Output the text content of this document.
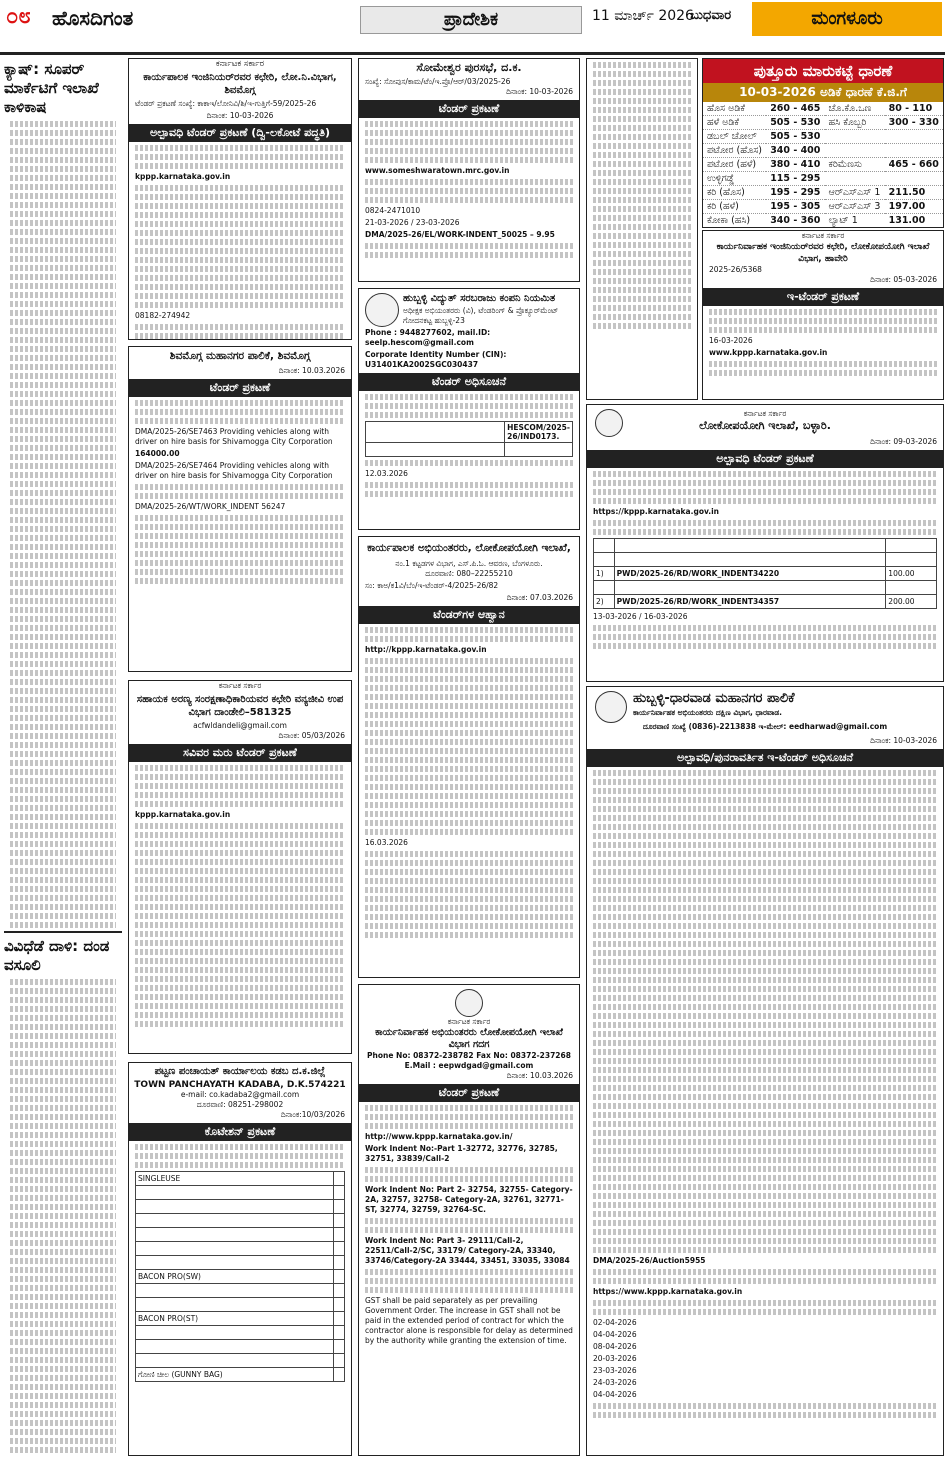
೦೮ ಹೊಸದಿಗಂತ	ಪ್ರಾದೇಶಿಕ	11 ಮಾರ್ಚ್ 2026
ಬುಧವಾರ	ಮಂಗಳೂರು
ಕ್ಯಾಷ್: ಸೂಪರ್ ಮಾರ್ಕೆಟಿಗೆ ಇಲಾಖೆ ಕಾಳಿಕಾಷ
ವಿವಿಧೆಡೆ ದಾಳಿ: ದಂಡ ವಸೂಲಿ
ಕರ್ನಾಟಕ ಸರ್ಕಾರ
ಕಾರ್ಯಪಾಲಕ ಇಂಜಿನಿಯರ್‌ರವರ ಕಛೇರಿ, ಲೋ.ನಿ.ವಿಭಾಗ, ಶಿವಮೊಗ್ಗ
ಟೆಂಡರ್ ಪ್ರಕಟಣೆ ಸಂಖ್ಯೆ: ಕಾಕಾಇ/ಲೋನಿವಿ/ಶಿ/ಇ-ಗುತ್ತಿಗೆ-59/2025-26
ದಿನಾಂಕ: 10-03-2026
ಅಲ್ಪಾವಧಿ ಟೆಂಡರ್ ಪ್ರಕಟಣೆ (ದ್ವಿ-ಲಕೋಟೆ ಪದ್ಧತಿ)
kppp.karnataka.gov.in
08182-274942
ಶಿವಮೊಗ್ಗ ಮಹಾನಗರ ಪಾಲಿಕೆ, ಶಿವಮೊಗ್ಗ
ದಿನಾಂಕ: 10.03.2026
ಟೆಂಡರ್ ಪ್ರಕಟಣೆ
DMA/2025-26/SE7463 Providing vehicles along with driver on hire basis for Shivamogga City Corporation
164000.00
DMA/2025-26/SE7464 Providing vehicles along with driver on hire basis for Shivamogga City Corporation
DMA/2025-26/WT/WORK_INDENT 56247
ಕರ್ನಾಟಕ ಸರ್ಕಾರ
ಸಹಾಯಕ ಅರಣ್ಯ ಸಂರಕ್ಷಣಾಧಿಕಾರಿಯವರ ಕಛೇರಿ ವನ್ಯಜೀವಿ ಉಪ ವಿಭಾಗ ದಾಂಡೇಲಿ–581325
acfwldandeli@gmail.com
ದಿನಾಂಕ: 05/03/2026
ಸವಿವರ ಮರು ಟೆಂಡರ್ ಪ್ರಕಟಣೆ
kppp.karnataka.gov.in
ಪಟ್ಟಣ ಪಂಚಾಯತ್ ಕಾರ್ಯಾಲಯ ಕಡಬ ದ.ಕ.ಜಿಲ್ಲೆ
TOWN PANCHAYATH KADABA, D.K.574221
e-mail: co.kadaba2@gmail.com
ದೂರವಾಣಿ: 08251-298002
ದಿನಾಂಕ:10/03/2026
ಕೊಟೇಶನ್ ಪ್ರಕಟಣೆ
SINGLEUSE	

BACON PRO(SW)	

BACON PRO(ST)	

ಗೋಣಿ ಚೀಲ (GUNNY BAG)	
ಸೋಮೇಶ್ವರ ಪುರಸಭೆ, ದ.ಕ.
ಸಂಖ್ಯೆ: ಸೋಪುಸ/ಕಾಮ/ಟೆಂ/ಇ.ಪ್ರೊ/ಆರ್/03/2025-26
ದಿನಾಂಕ: 10-03-2026
ಟೆಂಡರ್ ಪ್ರಕಟಣೆ
www.someshwaratown.mrc.gov.in
0824-2471010
21-03-2026 / 23-03-2026
DMA/2025-26/EL/WORK-INDENT_50025 – 9.95
ಹುಬ್ಬಳ್ಳಿ ವಿದ್ಯುತ್ ಸರಬರಾಜು ಕಂಪನಿ ನಿಯಮಿತ
ಅಧೀಕ್ಷಕ ಅಭಿಯಂತರರು (ವಿ), ಟೆಂಡರಿಂಗ್ & ಪ್ರೊಕ್ಯೂರ್‌ಮೆಂಟ್ ಗೋದನಕಟ್ಟ ಹುಬ್ಬಳ್ಳಿ-23
Phone : 9448277602, mail.ID: seelp.hescom@gmail.com
Corporate Identity Number (CIN): U31401KA2002SGC030437
ಟೆಂಡರ್ ಅಧಿಸೂಚನೆ
	HESCOM/2025-26/IND0173.

12.03.2026
ಕಾರ್ಯಪಾಲಕ ಅಭಿಯಂತರರು, ಲೋಕೋಪಯೋಗಿ ಇಲಾಖೆ,
ನಂ.1 ಕಟ್ಟಡಗಳ ವಿಭಾಗ, ಎಸ್.ಪಿ.ಓ. ಆವರಣ, ಬೆಂಗಳೂರು.
ದೂರವಾಣಿ: 080–22255210
ಸಂ: ಕಾಅ/ಕ1ವಿ/ಬೆಂ/ಇ-ಟೆಂಡರ್-4/2025-26/82
ದಿನಾಂಕ: 07.03.2026
ಟೆಂಡರ್‌ಗಳ ಆಹ್ವಾನ
http://kppp.karnataka.gov.in
16.03.2026
ಕರ್ನಾಟಕ ಸರ್ಕಾರ
ಕಾರ್ಯನಿರ್ವಾಹಕ ಅಭಿಯಂತರರು ಲೋಕೋಪಯೋಗಿ ಇಲಾಖೆ ವಿಭಾಗ ಗದಗ
Phone No: 08372-238782 Fax No: 08372-237268
E.Mail : eepwdgad@gmail.com
ದಿನಾಂಕ: 10.03.2026
ಟೆಂಡರ್ ಪ್ರಕಟಣೆ
http://www.kppp.karnataka.gov.in/
Work Indent No:-Part 1-32772, 32776, 32785, 32751, 33839/Call-2
Work Indent No: Part 2- 32754, 32755- Category-2A, 32757, 32758- Category-2A, 32761, 32771-ST, 32774, 32759, 32764-SC.
Work Indent No: Part 3- 29111/Call-2, 22511/Call-2/SC, 33179/ Category-2A, 33340, 33746/Category-2A 33444, 33451, 33035, 33084
GST shall be paid separately as per prevailing Government Order. The increase in GST shall not be paid in the extended period of contract for which the contractor alone is responsible for delay as determined by the authority while granting the extension of time.
ಪುತ್ತೂರು ಮಾರುಕಟ್ಟೆ ಧಾರಣೆ
10-03-2026 ಅಡಿಕೆ ಧಾರಣೆ ಕೆ.ಜಿ.ಗೆ
ಹೊಸ ಅಡಿಕೆ	260 - 465	ಚೊ.ಕೊ.ಒಣ	80 - 110
ಹಳೆ ಅಡಿಕೆ	505 - 530	ಹಸಿ ಕೊಬ್ಬರಿ	300 - 330
ಡಬಲ್ ಚೋಲ್	505 - 530		
ಪಟೋರ (ಹೊಸ)	340 - 400		
ಪಟೋರ (ಹಳೆ)	380 - 410	ಕರಿಮೆಣಸು	465 - 660
ಉಳ್ಳಿಗಡ್ಡೆ	115 - 295		
ಕರಿ (ಹೊಸ)	195 - 295	ಆರ್‌ಎಸ್‌ಎಸ್ 1	211.50
ಕರಿ (ಹಳೆ)	195 - 305	ಆರ್‌ಎಸ್‌ಎಸ್ 3	197.00
ಕೋಕಾ (ಹಸಿ)	340 - 360	ಲ್ಯಾಟ್ 1	131.00

ಕರ್ನಾಟಕ ಸರ್ಕಾರ
ಕಾರ್ಯನಿರ್ವಾಹಕ ಇಂಜಿನಿಯರ್‌ರವರ ಕಛೇರಿ, ಲೋಕೋಪಯೋಗಿ ಇಲಾಖೆ ವಿಭಾಗ, ಹಾವೇರಿ
2025-26/5368
ದಿನಾಂಕ: 05-03-2026
ಇ-ಟೆಂಡರ್ ಪ್ರಕಟಣೆ
16-03-2026
www.kppp.karnataka.gov.in
ಕರ್ನಾಟಕ ಸರ್ಕಾರ
ಲೋಕೋಪಯೋಗಿ ಇಲಾಖೆ, ಬಳ್ಳಾರಿ.
ದಿನಾಂಕ: 09-03-2026
ಅಲ್ಪಾವಧಿ ಟೆಂಡರ್ ಪ್ರಕಟಣೆ
https://kppp.karnataka.gov.in

1)	PWD/2025-26/RD/WORK_INDENT34220	100.00

2)	PWD/2025-26/RD/WORK_INDENT34357	200.00
13-03-2026 / 16-03-2026
ಹುಬ್ಬಳ್ಳಿ-ಧಾರವಾಡ ಮಹಾನಗರ ಪಾಲಿಕೆ
ಕಾರ್ಯನಿರ್ವಾಹಕ ಅಭಿಯಂತರರು ದಕ್ಷಿಣ ವಿಭಾಗ, ಧಾರವಾಡ.
ದೂರವಾಣಿ ಸಂಖ್ಯೆ (0836)-2213838 ಇ-ಮೇಲ್: eedharwad@gmail.com
ದಿನಾಂಕ: 10-03-2026
ಅಲ್ಪಾವಧಿ/ಪುನರಾವರ್ತಿತ ಇ-ಟೆಂಡರ್ ಅಧಿಸೂಚನೆ
DMA/2025-26/Auction5955
https://www.kppp.karnataka.gov.in
02-04-2026
04-04-2026
08-04-2026
20-03-2026
23-03-2026
24-03-2026
04-04-2026
